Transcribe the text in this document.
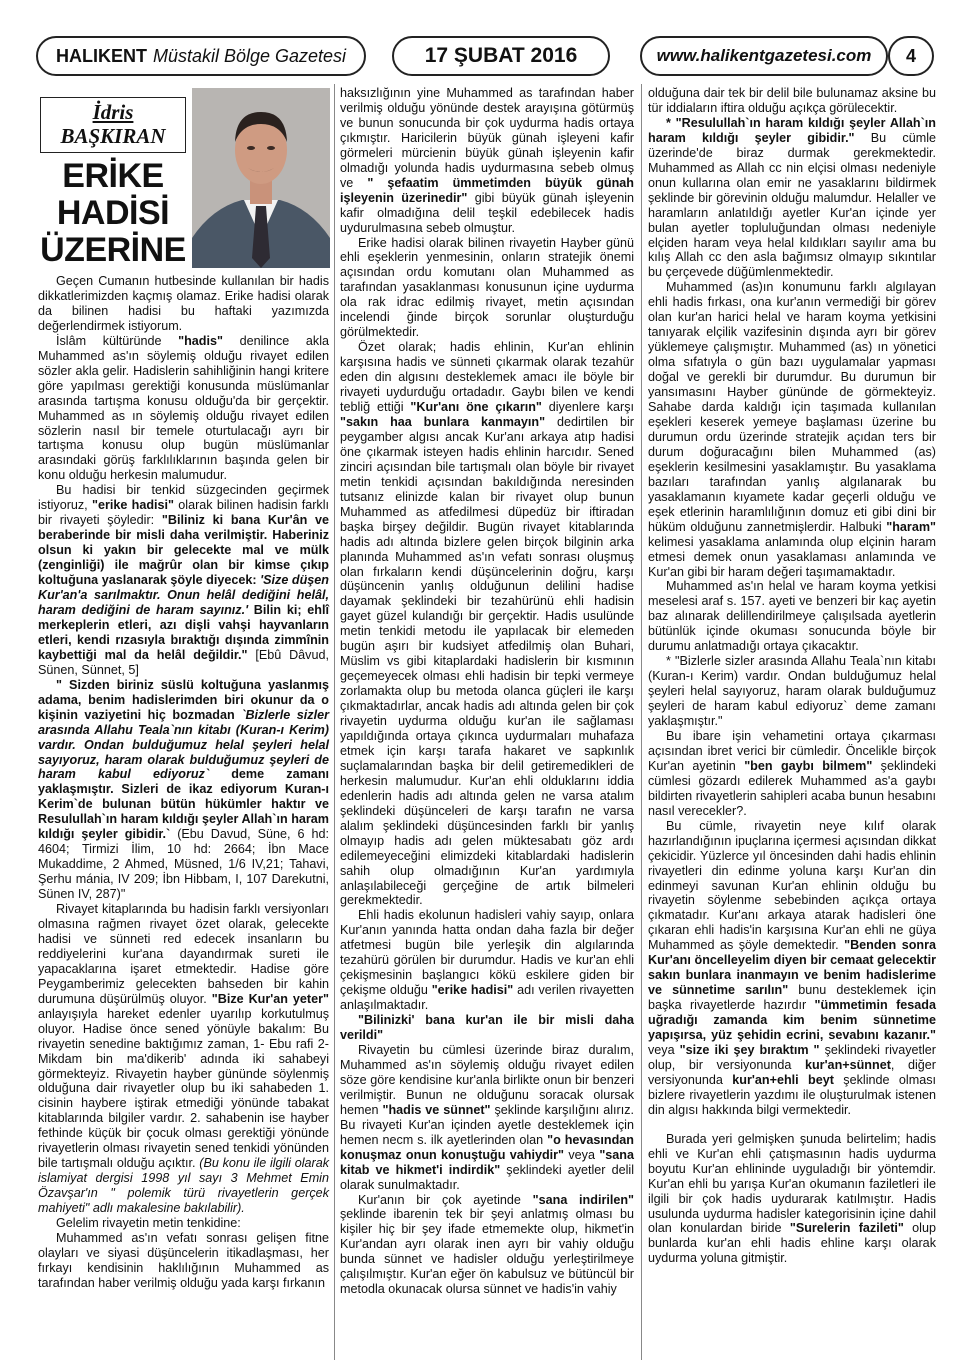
HALIKENT Müstakil Bölge Gazetesi	17 ŞUBAT 2016	www.halikentgazetesi.com	4
İdris
BAŞKIRAN
ERİKE
HADİSİ
ÜZERİNE

Geçen Cumanın hutbesinde kullanılan bir hadis dikkatlerimizden kaçmış olamaz. Erike hadisi olarak da bilinen hadisi bu haftaki yazımızda değerlendirmek istiyorum.

İslâm kültüründe "hadis" denilince akla Muhammed as'ın söylemiş olduğu rivayet edilen sözler akla gelir. Hadislerin sahihliğinin hangi kritere göre yapılması gerektiği konusunda müslümanlar arasında tartışma konusu olduğu'da bir gerçektir. Muhammed as ın söylemiş olduğu rivayet edilen sözlerin nasıl bir temele oturtulacağı ayrı bir tartışma konusu olup bugün müslümanlar arasındaki görüş farklılıklarının başında gelen bir konu olduğu herkesin malumudur.

Bu hadisi bir tenkid süzgecinden geçirmek istiyoruz, "erike hadisi" olarak bilinen hadisin farklı bir rivayeti şöyledir: "Biliniz ki bana Kur'ân ve beraberinde bir misli daha verilmiştir. Haberiniz olsun ki yakın bir gelecekte mal ve mülk (zenginliği) ile mağrûr olan bir kimse çıkıp koltuğuna yaslanarak şöyle diyecek: 'Size düşen Kur'an'a sarılmaktır. Onun helâl dediğini helâl, haram dediğini de haram sayınız.' Bilin ki; ehlî merkeplerin etleri, azı dişli vahşi hayvanların etleri, kendi rızasıyla bıraktığı dışında zimmînin kaybettiği mal da helâl değildir." [Ebû Dâvud, Sünen, Sünnet, 5]

" Sizden biriniz süslü koltuğuna yaslanmış adama, benim hadislerimden biri okunur da o kişinin vaziyetini hiç bozmadan `Bizlerle sizler arasında Allahu Teala`nın kitabı (Kuran-ı Kerim) vardır. Ondan bulduğumuz helal şeyleri helal sayıyoruz, haram olarak bulduğumuz şeyleri de haram kabul ediyoruz` deme zamanı yaklaşmıştır. Sizleri de ikaz ediyorum Kuran-ı Kerim`de bulunan bütün hükümler haktır ve Resulullah`ın haram kıldığı şeyler Allah`ın haram kıldığı şeyler gibidir.` (Ebu Davud, Süne, 6 hd: 4604; Tirmizi İlim, 10 hd: 2664; İbn Mace Mukaddime, 2 Ahmed, Müsned, 1/6 IV,21; Tahavi, Şerhu mánia, IV 209; İbn Hibbam, I, 107 Darekutni, Sünen IV, 287)"

Rivayet kitaplarında bu hadisin farklı versiyonları olmasına rağmen rivayet özet olarak, gelecekte hadisi ve sünneti red edecek insanların bu reddiyelerini kur'ana dayandırmak sureti ile yapacaklarına işaret etmektedir. Hadise göre Peygamberimiz gelecekten bahseden bir kahin durumuna düşürülmüş oluyor. "Bize Kur'an yeter" anlayışıyla hareket edenler uyarılıp korkutulmuş oluyor. Hadise önce sened yönüyle bakalım: Bu rivayetin senedine baktığımız zaman, 1- Ebu rafi 2- Mikdam bin ma'dikerib' adında iki sahabeyi görmekteyiz. Rivayetin hayber gününde söylenmiş olduğuna dair rivayetler olup bu iki sahabeden 1. cisinin haybere iştirak etmediği yönünde tabakat kitablarında bilgiler vardır. 2. sahabenin ise hayber fethinde küçük bir çocuk olması gerektiği yönünde rivayetlerin olması rivayetin sened tenkidi yönünden bile tartışmalı olduğu açıktır. (Bu konu ile ilgili olarak islamiyat dergisi 1998 yıl sayı 3 Mehmet Emin Özavşar'ın " polemik türü rivayetlerin gerçek mahiyeti" adlı makalesine bakılabilir).

Gelelim rivayetin metin tenkidine:

Muhammed as'ın vefatı sonrası gelişen fitne olayları ve siyasi düşüncelerin itikadlaşması, her fırkayı kendisinin haklılığının Muhammed as tarafından haber verilmiş olduğu yada karşı fırkanın

haksızlığının yine Muhammed as tarafından haber verilmiş olduğu yönünde destek arayışına götürmüş ve bunun sonucunda bir çok uydurma hadis ortaya çıkmıştır. Haricilerin büyük günah işleyeni kafir görmeleri mürcienin büyük günah işleyenin kafir olmadığı yolunda hadis uydurmasına sebeb olmuş ve " şefaatim ümmetimden büyük günah işleyenin üzerinedir" gibi büyük günah işleyenin kafir olmadığına delil teşkil edebilecek hadis uydurulmasına sebeb olmuştur.

Erike hadisi olarak bilinen rivayetin Hayber günü ehli eşeklerin yenmesinin, onların stratejik önemi açısından ordu komutanı olan Muhammed as tarafından yasaklanması konusunun içine uydurma ola rak idrac edilmiş rivayet, metin açısından incelendi ğinde birçok sorunlar oluşturduğu görülmektedir.

Özet olarak; hadis ehlinin, Kur'an ehlinin karşısına hadis ve sünneti çıkarmak olarak tezahür eden din algısını desteklemek amacı ile böyle bir rivayeti uydurduğu ortadadır. Gaybı bilen ve kendi tebliğ ettiği "Kur'anı öne çıkarın" diyenlere karşı "sakın haa bunlara kanmayın" dedirtilen bir peygamber algısı ancak Kur'anı arkaya atıp hadisi öne çıkarmak isteyen hadis ehlinin harcıdır. Sened zinciri açısından bile tartışmalı olan böyle bir rivayet metin tenkidi açısından bakıldığında neresinden tutsanız elinizde kalan bir rivayet olup bunun Muhammed as atfedilmesi düpedüz bir iftiradan başka birşey değildir. Bugün rivayet kitablarında hadis adı altında bizlere gelen birçok bilginin arka planında Muhammed as'ın vefatı sonrası oluşmuş olan fırkaların kendi düşüncelerinin doğru, karşı düşüncenin yanlış olduğunun delilini hadise dayamak şeklindeki bir tezahürünü ehli hadisin gayet güzel kulandığı bir gerçektir. Hadis usulünde metin tenkidi metodu ile yapılacak bir elemeden bugün aşırı bir kudsiyet atfedilmiş olan Buhari, Müslim vs gibi kitaplardaki hadislerin bir kısmının geçemeyecek olması ehli hadisin bir tepki vermeye zorlamakta olup bu metoda olanca güçleri ile karşı çıkmaktadırlar, ancak hadis adı altında gelen bir çok rivayetin uydurma olduğu kur'an ile sağlaması yapıldığında ortaya çıkınca uydurmaları muhafaza etmek için karşı tarafa hakaret ve sapkınlık suçlamalarından başka bir delil getiremedikleri de herkesin malumudur. Kur'an ehli olduklarını iddia edenlerin hadis adı altında gelen ne varsa atalım şeklindeki düşünceleri de karşı tarafın ne varsa alalım şeklindeki düşüncesinden farklı bir yanlış olmayıp hadis adı gelen müktesabatı göz ardı edilemeyeceğini elimizdeki kitablardaki hadislerin sahih olup olmadığının Kur'an yardımıyla anlaşılabileceği gerçeğine de artık bilmeleri gerekmektedir.

Ehli hadis ekolunun hadisleri vahiy sayıp, onlara Kur'anın yanında hatta ondan daha fazla bir değer atfetmesi bugün bile yerleşik din algılarında tezahürü görülen bir durumdur. Hadis ve kur'an ehli çekişmesinin başlangıcı kökü eskilere giden bir çekişme olduğu "erike hadisi" adı verilen rivayetten anlaşılmaktadır.

"Bilinizki' bana kur'an ile bir misli daha verildi"

Rivayetin bu cümlesi üzerinde biraz duralım, Muhammed as'ın söylemiş olduğu rivayet edilen söze göre kendisine kur'anla birlikte onun bir benzeri verilmiştir. Bunun ne olduğunu soracak olursak hemen "hadis ve sünnet" şeklinde karşılığını alırız. Bu rivayeti Kur'an içinden ayetle desteklemek için hemen necm s. ilk ayetlerinden olan "o hevasından konuşmaz onun konuştuğu vahiydir" veya "sana kitab ve hikmet'i indirdik" şeklindeki ayetler delil olarak sunulmaktadır.

Kur'anın bir çok ayetinde "sana indirilen" şeklinde ibarenin tek bir şeyi anlatmış olması bu kişiler hiç bir şey ifade etmemekte olup, hikmet'in Kur'andan ayrı olarak inen ayrı bir vahiy olduğu bunda sünnet ve hadisler olduğu yerleştirilmeye çalışılmıştır. Kur'an eğer ön kabulsuz ve bütüncül bir metodla okunacak olursa sünnet ve hadis'in vahiy

olduğuna dair tek bir delil bile bulunamaz aksine bu tür iddiaların iftira olduğu açıkça görülecektir.

* "Resulullah`ın haram kıldığı şeyler Allah`ın haram kıldığı şeyler gibidir." Bu cümle üzerinde'de biraz durmak gerekmektedir. Muhammed as Allah cc nin elçisi olması nedeniyle onun kullarına olan emir ne yasaklarını bildirmek şeklinde bir görevinin olduğu malumdur. Helaller ve haramların anlatıldığı ayetler Kur'an içinde yer bulan ayetler topluluğundan olması nedeniyle elçiden haram veya helal kıldıkları sayılır ama bu kılış Allah cc den asla bağımsız olmayıp sıkıntılar bu çerçevede düğümlenmektedir.

Muhammed (as)ın konumunu farklı algılayan ehli hadis fırkası, ona kur'anın vermediği bir görev olan kur'an harici helal ve haram koyma yetkisini tanıyarak elçilik vazifesinin dışında ayrı bir görev yüklemeye çalışmıştır. Muhammed (as) ın yönetici olma sıfatıyla o gün bazı uygulamalar yapması doğal ve gerekli bir durumdur. Bu durumun bir yansımasını Hayber gününde de görmekteyiz. Sahabe darda kaldığı için taşımada kullanılan eşekleri keserek yemeye başlaması üzerine bu durumun ordu üzerinde stratejik açıdan ters bir durum doğuracağını bilen Muhammed (as) eşeklerin kesilmesini yasaklamıştır. Bu yasaklama bazıları tarafından yanlış algılanarak bu yasaklamanın kıyamete kadar geçerli olduğu ve eşek etlerinin haramlılığının domuz eti gibi dini bir hüküm olduğunu zannetmişlerdir. Halbuki "haram" kelimesi yasaklama anlamında olup elçinin haram etmesi demek onun yasaklaması anlamında ve Kur'an gibi bir haram değeri taşımamaktadır.

Muhammed as'ın helal ve haram koyma yetkisi meselesi araf s. 157. ayeti ve benzeri bir kaç ayetin baz alınarak delillendirilmeye çalışılsada ayetlerin bütünlük içinde okuması sonucunda böyle bir durumu anlatmadığı ortaya çıkacaktır.

* "Bizlerle sizler arasında Allahu Teala`nın kitabı (Kuran-ı Kerim) vardır. Ondan bulduğumuz helal şeyleri helal sayıyoruz, haram olarak bulduğumuz şeyleri de haram kabul ediyoruz` deme zamanı yaklaşmıştır."

Bu ibare işin vehametini ortaya çıkarması açısından ibret verici bir cümledir. Öncelikle birçok Kur'an ayetinin "ben gaybı bilmem" şeklindeki cümlesi gözardı edilerek Muhammed as'a gaybı bildirten rivayetlerin sahipleri acaba bunun hesabını nasıl verecekler?.

Bu cümle, rivayetin neye kılıf olarak hazırlandığının ipuçlarına içermesi açısından dikkat çekicidir. Yüzlerce yıl öncesinden dahi hadis ehlinin rivayetleri din edinme yoluna karşı Kur'an din edinmeyi savunan Kur'an ehlinin olduğu bu rivayetin söylenme sebebinden açıkça ortaya çıkmatadır. Kur'anı arkaya atarak hadisleri öne çıkaran ehli hadis'in karşısına Kur'an ehli ne güya Muhammed as şöyle demektedir. "Benden sonra Kur'anı öncelleyelim diyen bir cemaat gelecektir sakın bunlara inanmayın ve benim hadislerime ve sünnetime sarılın" bunu desteklemek için başka rivayetlerde hazırdır "ümmetimin fesada uğradığı zamanda kim benim sünnetime yapışırsa, yüz şehidin ecrini, sevabını kazanır." veya "size iki şey bıraktım " şeklindeki rivayetler olup, bir versiyonunda kur'an+sünnet, diğer versiyonunda kur'an+ehli beyt şeklinde olması bizlere rivayetlerin yazdımı ile oluşturulmak istenen din algısı hakkında bilgi vermektedir.

Burada yeri gelmişken şunuda belirtelim; hadis ehli ve Kur'an ehli çatışmasının hadis uydurma boyutu Kur'an ehlininde uyguladığı bir yöntemdir. Kur'an ehli bu yarışa Kur'an okumanın faziletleri ile ilgili bir çok hadis uydurarak katılmıştır. Hadis usulunda uydurma hadisler kategorisinin içine dahil olan konulardan biride "Surelerin fazileti" olup bunlarda kur'an ehli hadis ehline karşı olarak uydurma yoluna gitmiştir.
